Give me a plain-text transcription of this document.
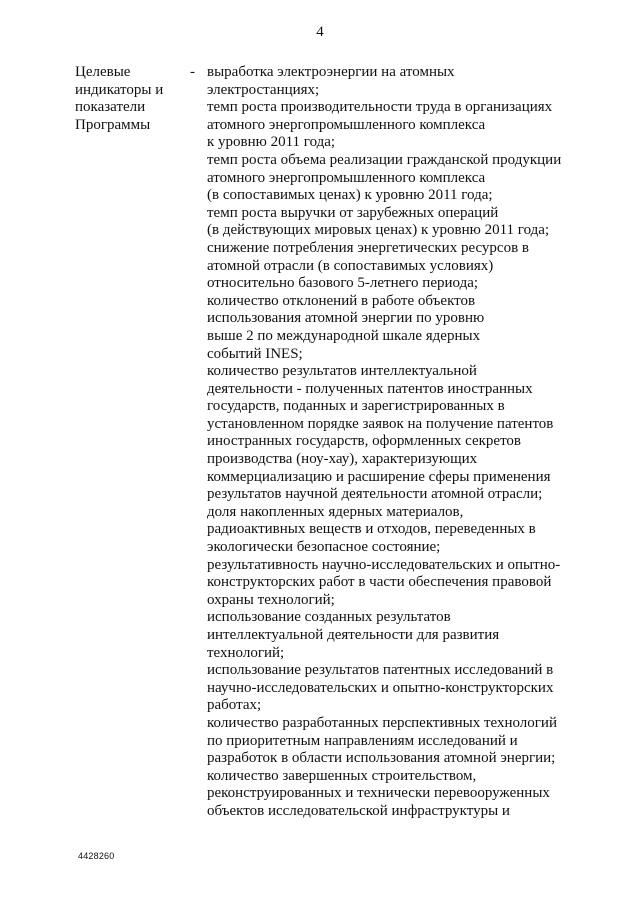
4
Целевые
индикаторы и
показатели
Программы
- выработка электроэнергии на атомных
электростанциях;
темп роста производительности труда в организациях
атомного энергопромышленного комплекса
к уровню 2011 года;
темп роста объема реализации гражданской продукции
атомного энергопромышленного комплекса
(в сопоставимых ценах) к уровню 2011 года;
темп роста выручки от зарубежных операций
(в действующих мировых ценах) к уровню 2011 года;
снижение потребления энергетических ресурсов в
атомной отрасли (в сопоставимых условиях)
относительно базового 5-летнего периода;
количество отклонений в работе объектов
использования атомной энергии по уровню
выше 2 по международной шкале ядерных
событий INES;
количество результатов интеллектуальной
деятельности - полученных патентов иностранных
государств, поданных и зарегистрированных в
установленном порядке заявок на получение патентов
иностранных государств, оформленных секретов
производства (ноу-хау), характеризующих
коммерциализацию и расширение сферы применения
результатов научной деятельности атомной отрасли;
доля накопленных ядерных материалов,
радиоактивных веществ и отходов, переведенных в
экологически безопасное состояние;
результативность научно-исследовательских и опытно-
конструкторских работ в части обеспечения правовой
охраны технологий;
использование созданных результатов
интеллектуальной деятельности для развития
технологий;
использование результатов патентных исследований в
научно-исследовательских и опытно-конструкторских
работах;
количество разработанных перспективных технологий
по приоритетным направлениям исследований и
разработок в области использования атомной энергии;
количество завершенных строительством,
реконструированных и технически перевооруженных
объектов исследовательской инфраструктуры и
4428260
